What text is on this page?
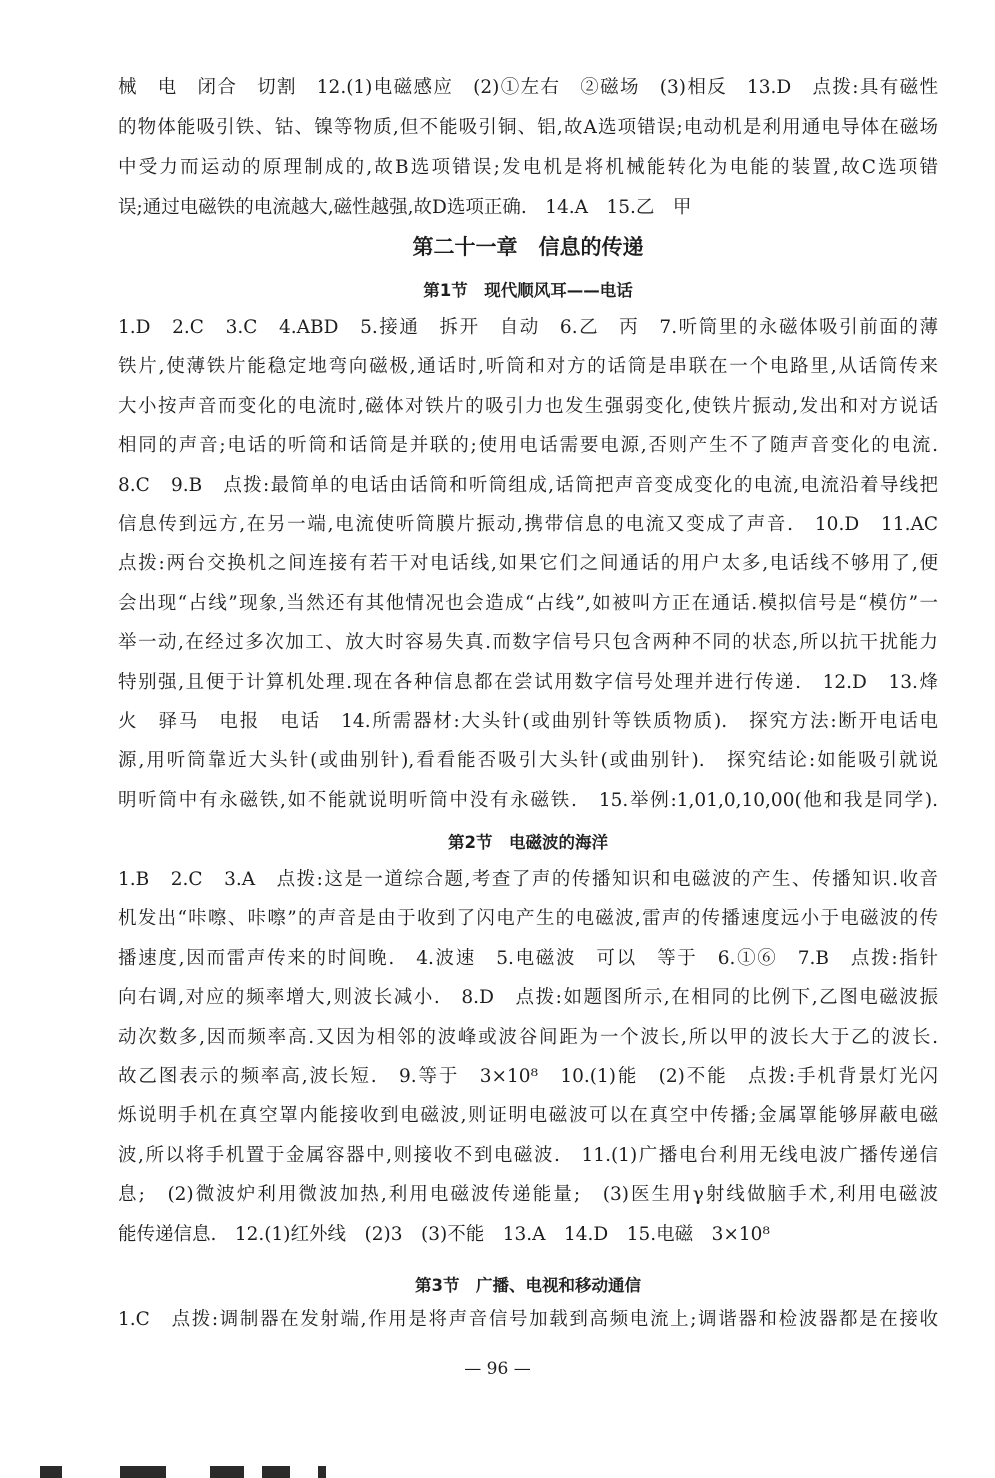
械　电　闭合　切割　12.(1)电磁感应　(2)①左右　②磁场　(3)相反　13.D　点拨:具有磁性
的物体能吸引铁、钴、镍等物质,但不能吸引铜、铝,故A选项错误;电动机是利用通电导体在磁场
中受力而运动的原理制成的,故B选项错误;发电机是将机械能转化为电能的装置,故C选项错
误;通过电磁铁的电流越大,磁性越强,故D选项正确.　14.A　15.乙　甲
第二十一章　信息的传递
第1节　现代顺风耳——电话
1.D　2.C　3.C　4.ABD　5.接通　拆开　自动　6.乙　丙　7.听筒里的永磁体吸引前面的薄
铁片,使薄铁片能稳定地弯向磁极,通话时,听筒和对方的话筒是串联在一个电路里,从话筒传来
大小按声音而变化的电流时,磁体对铁片的吸引力也发生强弱变化,使铁片振动,发出和对方说话
相同的声音;电话的听筒和话筒是并联的;使用电话需要电源,否则产生不了随声音变化的电流.
8.C　9.B　点拨:最简单的电话由话筒和听筒组成,话筒把声音变成变化的电流,电流沿着导线把
信息传到远方,在另一端,电流使听筒膜片振动,携带信息的电流又变成了声音.　10.D　11.AC
点拨:两台交换机之间连接有若干对电话线,如果它们之间通话的用户太多,电话线不够用了,便
会出现“占线”现象,当然还有其他情况也会造成“占线”,如被叫方正在通话.模拟信号是“模仿”一
举一动,在经过多次加工、放大时容易失真.而数字信号只包含两种不同的状态,所以抗干扰能力
特别强,且便于计算机处理.现在各种信息都在尝试用数字信号处理并进行传递.　12.D　13.烽
火　驿马　电报　电话　14.所需器材:大头针(或曲别针等铁质物质).　探究方法:断开电话电
源,用听筒靠近大头针(或曲别针),看看能否吸引大头针(或曲别针).　探究结论:如能吸引就说
明听筒中有永磁铁,如不能就说明听筒中没有永磁铁.　15.举例:1,01,0,10,00(他和我是同学).
第2节　电磁波的海洋
1.B　2.C　3.A　点拨:这是一道综合题,考查了声的传播知识和电磁波的产生、传播知识.收音
机发出“咔嚓、咔嚓”的声音是由于收到了闪电产生的电磁波,雷声的传播速度远小于电磁波的传
播速度,因而雷声传来的时间晚.　4.波速　5.电磁波　可以　等于　6.①⑥　7.B　点拨:指针
向右调,对应的频率增大,则波长减小.　8.D　点拨:如题图所示,在相同的比例下,乙图电磁波振
动次数多,因而频率高.又因为相邻的波峰或波谷间距为一个波长,所以甲的波长大于乙的波长.
故乙图表示的频率高,波长短.　9.等于　3×10⁸　10.(1)能　(2)不能　点拨:手机背景灯光闪
烁说明手机在真空罩内能接收到电磁波,则证明电磁波可以在真空中传播;金属罩能够屏蔽电磁
波,所以将手机置于金属容器中,则接收不到电磁波.　11.(1)广播电台利用无线电波广播传递信
息;　(2)微波炉利用微波加热,利用电磁波传递能量;　(3)医生用γ射线做脑手术,利用电磁波
能传递信息.　12.(1)红外线　(2)3　(3)不能　13.A　14.D　15.电磁　3×10⁸
第3节　广播、电视和移动通信
1.C　点拨:调制器在发射端,作用是将声音信号加载到高频电流上;调谐器和检波器都是在接收
— 96 —
